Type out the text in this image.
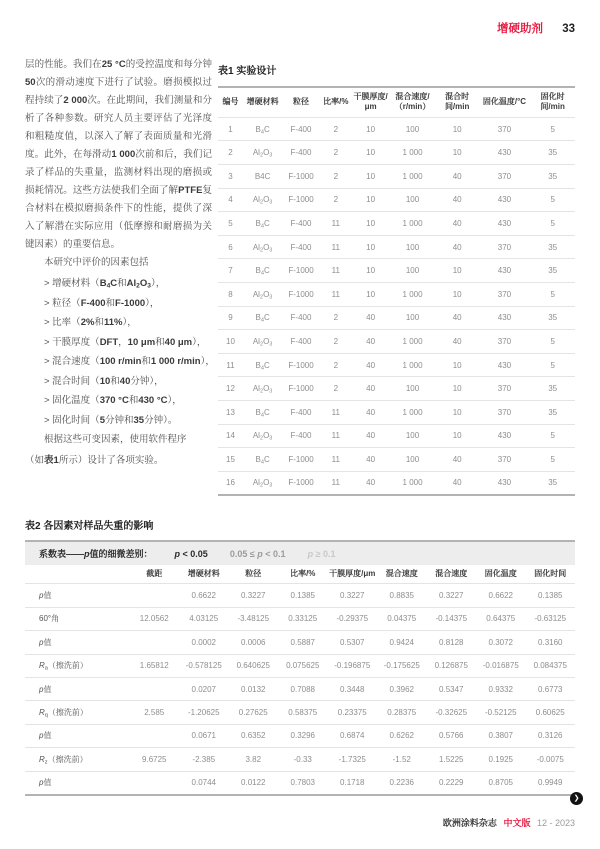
增硬助剂 33

层的性能。我们在25 °C的受控温度和每分钟50次的滑动速度下进行了试验。磨损模拟过程持续了2 000次。在此期间，我们测量和分析了各种参数。研究人员主要评估了光泽度和粗糙度值，以深入了解了表面质量和光滑度。此外，在每滑动1 000次前和后，我们记录了样品的失重量，监测材料出现的磨损或损耗情况。这些方法使我们全面了解PTFE复合材料在模拟磨损条件下的性能，提供了深入了解潜在实际应用（低摩擦和耐磨损为关键因素）的重要信息。

本研究中评价的因素包括

> 增硬材料（$B_4C$和$Al_2O_3$），
> 粒径（F-400和F-1000），
> 比率（2%和11%），
> 干膜厚度（DFT，10 μm和40 μm），
> 混合速度（100 r/min和1 000 r/min），
> 混合时间（10和40分钟），
> 固化温度（370 °C和430 °C），
> 固化时间（5分钟和35分钟）。
根据这些可变因素，使用软件程序

（如表1所示）设计了各项实验。

表1 实验设计
编号	增硬材料	粒径	比率/%	干膜厚度/μm	混合速度/（r/min）	混合时间/min	固化温度/°C	固化时间/min
1	$B_4C$	F-400	2	10	100	10	370	5
2	$Al_2O_3$	F-400	2	10	1 000	10	430	35
3	B4C	F-1000	2	10	1 000	40	370	35
4	$Al_2O_3$	F-1000	2	10	100	40	430	5
5	$B_4C$	F-400	11	10	1 000	40	430	5
6	$Al_2O_3$	F-400	11	10	100	40	370	35
7	$B_4C$	F-1000	11	10	100	10	430	35
8	$Al_2O_3$	F-1000	11	10	1 000	10	370	5
9	$B_4C$	F-400	2	40	100	40	430	35
10	$Al_2O_3$	F-400	2	40	1 000	40	370	5
11	$B_4C$	F-1000	2	40	1 000	10	430	5
12	$Al_2O_3$	F-1000	2	40	100	10	370	35
13	$B_4C$	F-400	11	40	1 000	10	370	35
14	$Al_2O_3$	F-400	11	40	100	10	430	5
15	$B_4C$	F-1000	11	40	100	40	370	5
16	$Al_2O_3$	F-1000	11	40	1 000	40	430	35
表2 各因素对样品失重的影响
系数表——p值的细微差别： p < 0.05 0.05 ≤ p < 0.1 p ≥ 0.1
	截距	增硬材料	粒径	比率/%	干膜厚度/μm	混合速度	混合速度	固化温度	固化时间
p值		0.6622	0.3227	0.1385	0.3227	0.8835	0.3227	0.6622	0.1385
60°角	12.0562	4.03125	-3.48125	0.33125	-0.29375	0.04375	-0.14375	0.64375	-0.63125
p值		0.0002	0.0006	0.5887	0.5307	0.9424	0.8128	0.3072	0.3160
$R_a$（擦洗前）	1.65812	-0.578125	0.640625	0.075625	-0.196875	-0.175625	0.126875	-0.016875	0.084375
p值		0.0207	0.0132	0.7088	0.3448	0.3962	0.5347	0.9332	0.6773
$R_q$（擦洗前）	2.585	-1.20625	0.27625	0.58375	0.23375	0.28375	-0.32625	-0.52125	0.60625
p值		0.0671	0.6352	0.3296	0.6874	0.6262	0.5766	0.3807	0.3126
$R_z$（擦洗前）	9.6725	-2.385	3.82	-0.33	-1.7325	-1.52	1.5225	0.1925	-0.0075
p值		0.0744	0.0122	0.7803	0.1718	0.2236	0.2229	0.8705	0.9949
❯
欧洲涂料杂志 中文版 12 - 2023
